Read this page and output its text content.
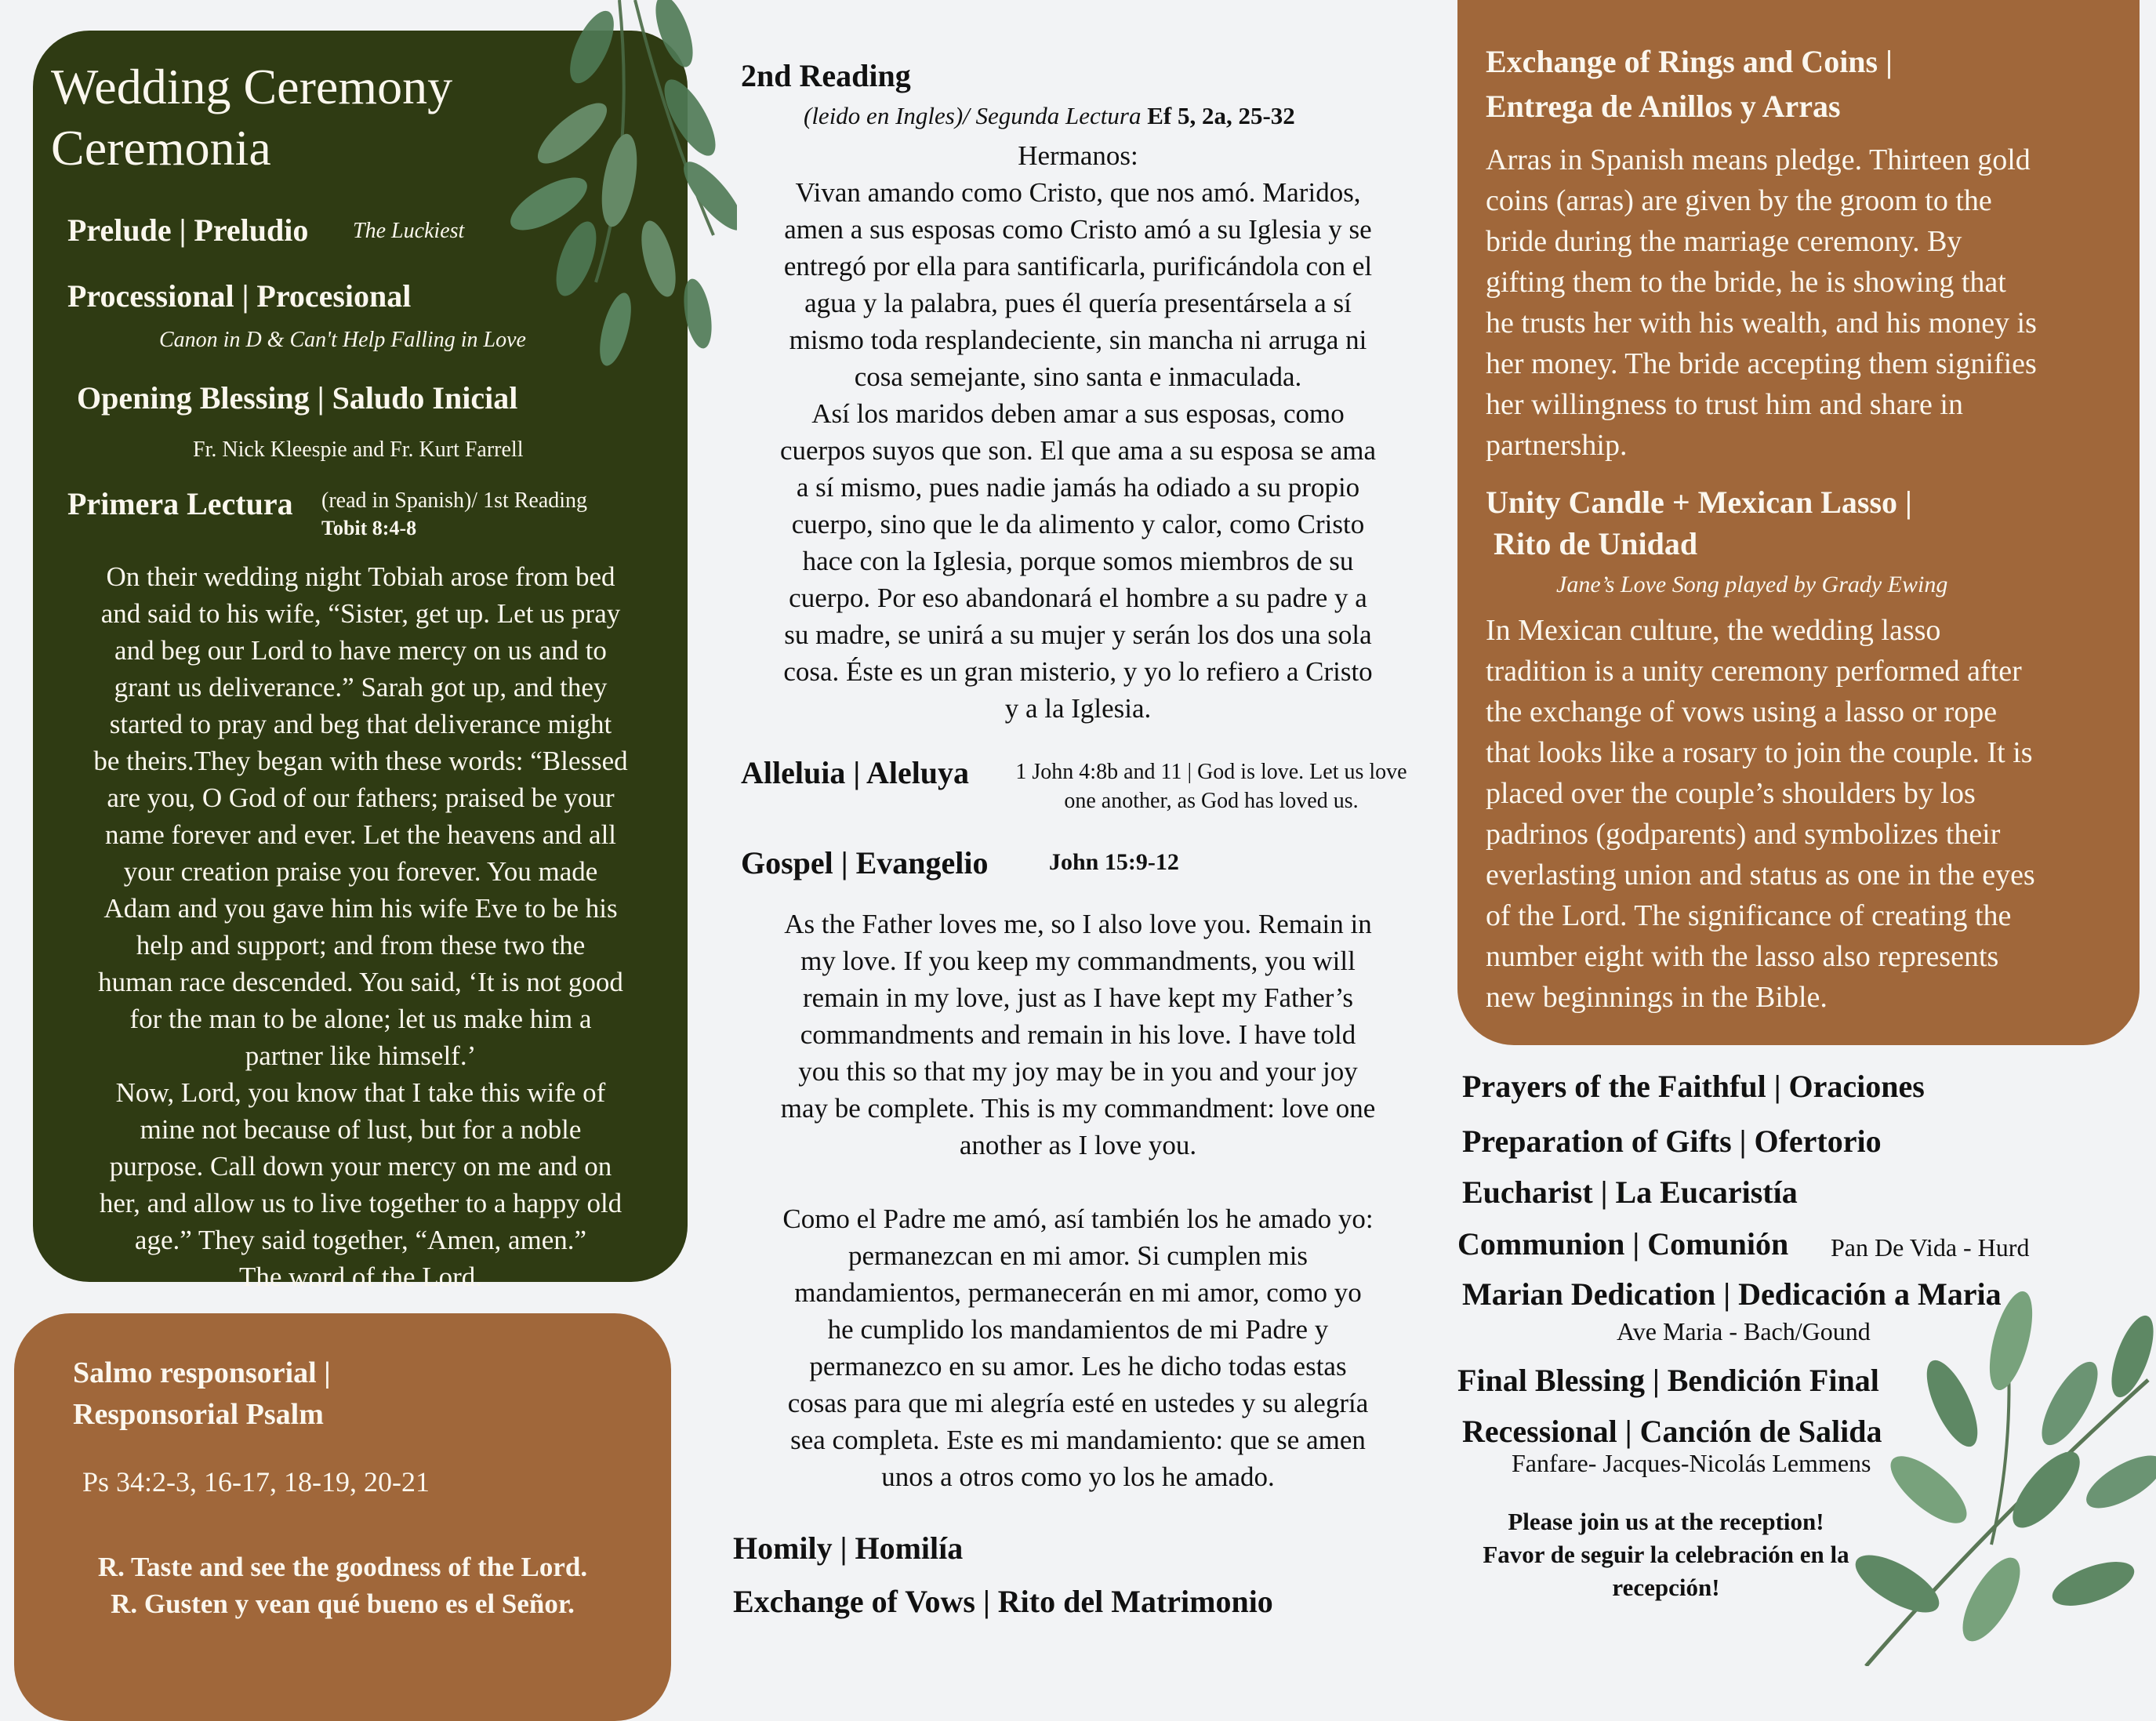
Wedding Ceremony
Ceremonia
Prelude | Preludio The Luckiest
Processional | Procesional
Canon in D & Can't Help Falling in Love
Opening Blessing | Saludo Inicial
Fr. Nick Kleespie and Fr. Kurt Farrell
Primera Lectura (read in Spanish)/ 1st Reading
Tobit 8:4-8
On their wedding night Tobiah arose from bed
and said to his wife, “Sister, get up. Let us pray
and beg our Lord to have mercy on us and to
grant us deliverance.” Sarah got up, and they
started to pray and beg that deliverance might
be theirs.They began with these words: “Blessed
are you, O God of our fathers; praised be your
name forever and ever. Let the heavens and all
your creation praise you forever. You made
Adam and you gave him his wife Eve to be his
help and support; and from these two the
human race descended. You said, ‘It is not good
for the man to be alone; let us make him a
partner like himself.’
Now, Lord, you know that I take this wife of
mine not because of lust, but for a noble
purpose. Call down your mercy on me and on
her, and allow us to live together to a happy old
age.” They said together, “Amen, amen.”
The word of the Lord.
Salmo responsorial |
Responsorial Psalm
Ps 34:2-3, 16-17, 18-19, 20-21
R. Taste and see the goodness of the Lord.
R. Gusten y vean qué bueno es el Señor.
2nd Reading
(leido en Ingles)/ Segunda Lectura Ef 5, 2a, 25-32
Hermanos:
Vivan amando como Cristo, que nos amó. Maridos,
amen a sus esposas como Cristo amó a su Iglesia y se
entregó por ella para santificarla, purificándola con el
agua y la palabra, pues él quería presentársela a sí
mismo toda resplandeciente, sin mancha ni arruga ni
cosa semejante, sino santa e inmaculada.
Así los maridos deben amar a sus esposas, como
cuerpos suyos que son. El que ama a su esposa se ama
a sí mismo, pues nadie jamás ha odiado a su propio
cuerpo, sino que le da alimento y calor, como Cristo
hace con la Iglesia, porque somos miembros de su
cuerpo. Por eso abandonará el hombre a su padre y a
su madre, se unirá a su mujer y serán los dos una sola
cosa. Éste es un gran misterio, y yo lo refiero a Cristo
y a la Iglesia.
Alleluia | Aleluya	1 John 4:8b and 11 | God is love. Let us love
one another, as God has loved us.
Gospel | Evangelio	John 15:9-12
As the Father loves me, so I also love you. Remain in
my love. If you keep my commandments, you will
remain in my love, just as I have kept my Father’s
commandments and remain in his love. I have told
you this so that my joy may be in you and your joy
may be complete. This is my commandment: love one
another as I love you.
Como el Padre me amó, así también los he amado yo:
permanezcan en mi amor. Si cumplen mis
mandamientos, permanecerán en mi amor, como yo
he cumplido los mandamientos de mi Padre y
permanezco en su amor. Les he dicho todas estas
cosas para que mi alegría esté en ustedes y su alegría
sea completa. Este es mi mandamiento: que se amen
unos a otros como yo los he amado.
Homily | Homilía
Exchange of Vows | Rito del Matrimonio
Exchange of Rings and Coins |
Entrega de Anillos y Arras
Arras in Spanish means pledge. Thirteen gold
coins (arras) are given by the groom to the
bride during the marriage ceremony. By
gifting them to the bride, he is showing that
he trusts her with his wealth, and his money is
her money. The bride accepting them signifies
her willingness to trust him and share in
partnership.
Unity Candle + Mexican Lasso |
Rito de Unidad
Jane’s Love Song played by Grady Ewing
In Mexican culture, the wedding lasso
tradition is a unity ceremony performed after
the exchange of vows using a lasso or rope
that looks like a rosary to join the couple. It is
placed over the couple’s shoulders by los
padrinos (godparents) and symbolizes their
everlasting union and status as one in the eyes
of the Lord. The significance of creating the
number eight with the lasso also represents
new beginnings in the Bible.
Prayers of the Faithful | Oraciones
Preparation of Gifts | Ofertorio
Eucharist | La Eucaristía
Communion | Comunión Pan De Vida - Hurd
Marian Dedication | Dedicación a Maria
Ave Maria - Bach/Gound
Final Blessing | Bendición Final
Recessional | Canción de Salida
Fanfare- Jacques-Nicolás Lemmens
Please join us at the reception!
Favor de seguir la celebración en la
recepción!
